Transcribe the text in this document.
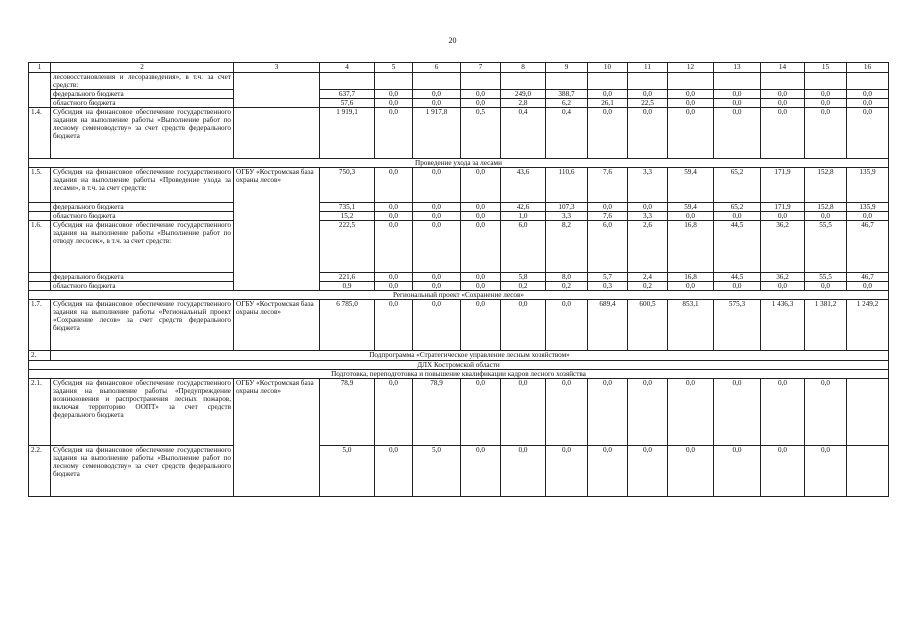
20
1	2	3	4	5	6	7	8	9	10	11	12	13	14	15	16
	лесовосстановления и лесоразведения», в т.ч. за счет средств:														
	федерального бюджета		637,7	0,0	0,0	0,0	249,0	388,7	0,0	0,0	0,0	0,0	0,0	0,0	0,0
	областного бюджета		57,6	0,0	0,0	0,0	2,8	6,2	26,1	22,5	0,0	0,0	0,0	0,0	0,0
1.4.	Субсидия на финансовое обеспечение государственного задания на выполнение работы «Выполнение работ по лесному семеноводству» за счет средств федерального бюджета		1 919,1	0,0	1 917,8	0,5	0,4	0,4	0,0	0,0	0,0	0,0	0,0	0,0	0,0
Проведение ухода за лесами															
1.5.	Субсидия на финансовое обеспечение государственного задания на выполнение работы «Проведение ухода за лесами», в т.ч. за счет средств:	ОГБУ «Костромская база охраны лесов»	750,3	0,0	0,0	0,0	43,6	110,6	7,6	3,3	59,4	65,2	171,9	152,8	135,9
	федерального бюджета		735,1	0,0	0,0	0,0	42,6	107,3	0,0	0,0	59,4	65,2	171,9	152,8	135,9
	областного бюджета		15,2	0,0	0,0	0,0	1,0	3,3	7,6	3,3	0,0	0,0	0,0	0,0	0,0
1.6.	Субсидия на финансовое обеспечение государственного задания на выполнение работы «Выполнение работ по отводу лесосек», в т.ч. за счет средств:		222,5	0,0	0,0	0,0	6,0	8,2	6,0	2,6	16,8	44,5	36,2	55,5	46,7
	федерального бюджета		221,6	0,0	0,0	0,0	5,8	8,0	5,7	2,4	16,8	44,5	36,2	55,5	46,7
	областного бюджета		0,9	0,0	0,0	0,0	0,2	0,2	0,3	0,2	0,0	0,0	0,0	0,0	0,0
Региональный проект «Сохранение лесов»															
1.7.	Субсидия на финансовое обеспечение государственного задания на выполнение работы «Региональный проект «Сохранение лесов» за счет средств федерального бюджета	ОГБУ «Костромская база охраны лесов»	6 785,0	0,0	0,0	0,0	0,0	0,0	689,4	600,5	853,1	575,3	1 436,3	1 381,2	1 249,2
2.	Подпрограмма «Стратегическое управление лесным хозяйством»														
ДЛХ Костромской области															
Подготовка, переподготовка и повышение квалификации кадров лесного хозяйства															
2.1.	Субсидия на финансовое обеспечение государственного задания на выполнение работы «Предупреждение возникновения и распространения лесных пожаров, включая территорию ООПТ» за счет средств федерального бюджета	ОГБУ «Костромская база охраны лесов»	78,9	0,0	78,9	0,0	0,0	0,0	0,0	0,0	0,0	0,0	0,0	0,0	
2.2.	Субсидия на финансовое обеспечение государственного задания на выполнение работы «Выполнение работ по лесному семеноводству» за счет средств федерального бюджета		5,0	0,0	5,0	0,0	0,0	0,0	0,0	0,0	0,0	0,0	0,0	0,0	
